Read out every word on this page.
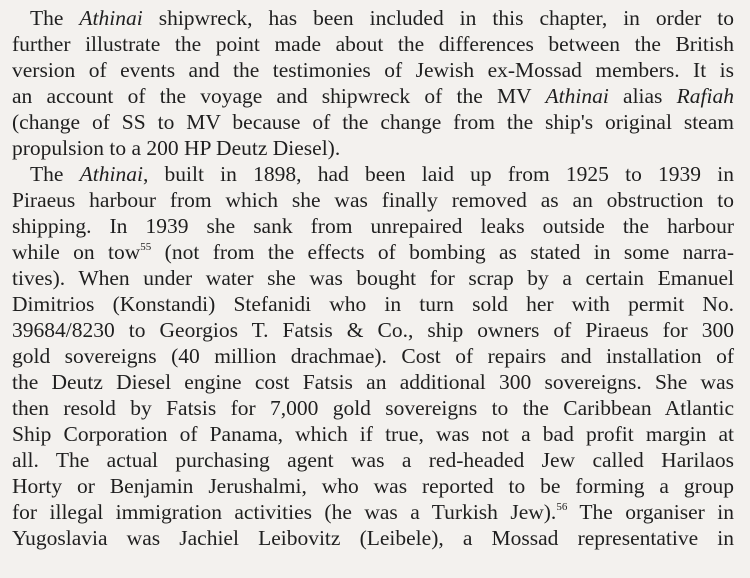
The Athinai shipwreck, has been included in this chapter, in order to
further illustrate the point made about the differences between the British
version of events and the testimonies of Jewish ex-Mossad members. It is
an account of the voyage and shipwreck of the MV Athinai alias Rafiah
(change of SS to MV because of the change from the ship's original steam
propulsion to a 200 HP Deutz Diesel).
The Athinai, built in 1898, had been laid up from 1925 to 1939 in
Piraeus harbour from which she was finally removed as an obstruction to
shipping. In 1939 she sank from unrepaired leaks outside the harbour
while on tow$^{55}$ (not from the effects of bombing as stated in some narra-
tives). When under water she was bought for scrap by a certain Emanuel
Dimitrios (Konstandi) Stefanidi who in turn sold her with permit No.
39684/8230 to Georgios T. Fatsis & Co., ship owners of Piraeus for 300
gold sovereigns (40 million drachmae). Cost of repairs and installation of
the Deutz Diesel engine cost Fatsis an additional 300 sovereigns. She was
then resold by Fatsis for 7,000 gold sovereigns to the Caribbean Atlantic
Ship Corporation of Panama, which if true, was not a bad profit margin at
all. The actual purchasing agent was a red-headed Jew called Harilaos
Horty or Benjamin Jerushalmi, who was reported to be forming a group
for illegal immigration activities (he was a Turkish Jew).$^{56}$ The organiser in
Yugoslavia was Jachiel Leibovitz (Leibele), a Mossad representative in
